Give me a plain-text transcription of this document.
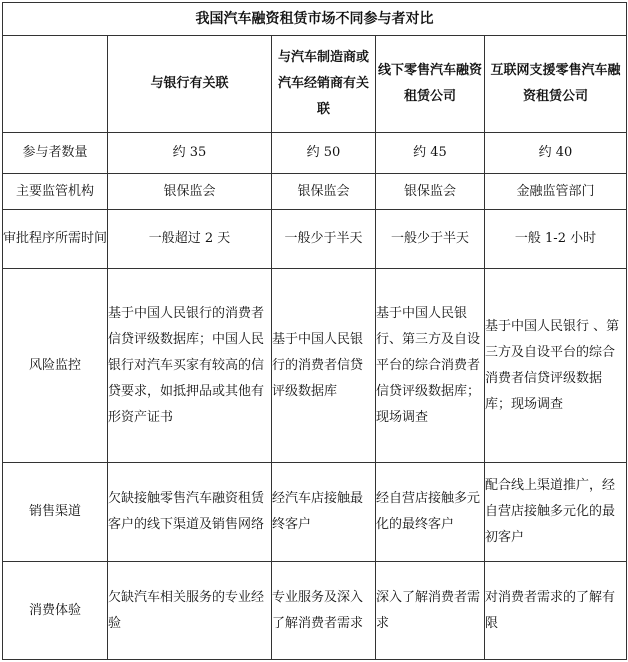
我国汽车融资租赁市场不同参与者对比				
	与银行有关联	与汽车制造商或汽车经销商有关联	线下零售汽车融资租赁公司	互联网支援零售汽车融资租赁公司
参与者数量	约 35	约 50	约 45	约 40
主要监管机构	银保监会	银保监会	银保监会	金融监管部门
审批程序所需时间	一般超过 2 天	一般少于半天	一般少于半天	一般 1-2 小时
风险监控	基于中国人民银行的消费者信贷评级数据库；中国人民银行对汽车买家有较高的信贷要求，如抵押品或其他有形资产证书	基于中国人民银行的消费者信贷评级数据库	基于中国人民银行、第三方及自设平台的综合消费者信贷评级数据库；现场调查	基于中国人民银行 、第三方及自设平台的综合消费者信贷评级数据库；现场调查
销售渠道	欠缺接触零售汽车融资租赁客户的线下渠道及销售网络	经汽车店接触最终客户	经自营店接触多元化的最终客户	配合线上渠道推广，经自营店接触多元化的最初客户
消费体验	欠缺汽车相关服务的专业经验	专业服务及深入了解消费者需求	深入了解消费者需求	对消费者需求的了解有限
